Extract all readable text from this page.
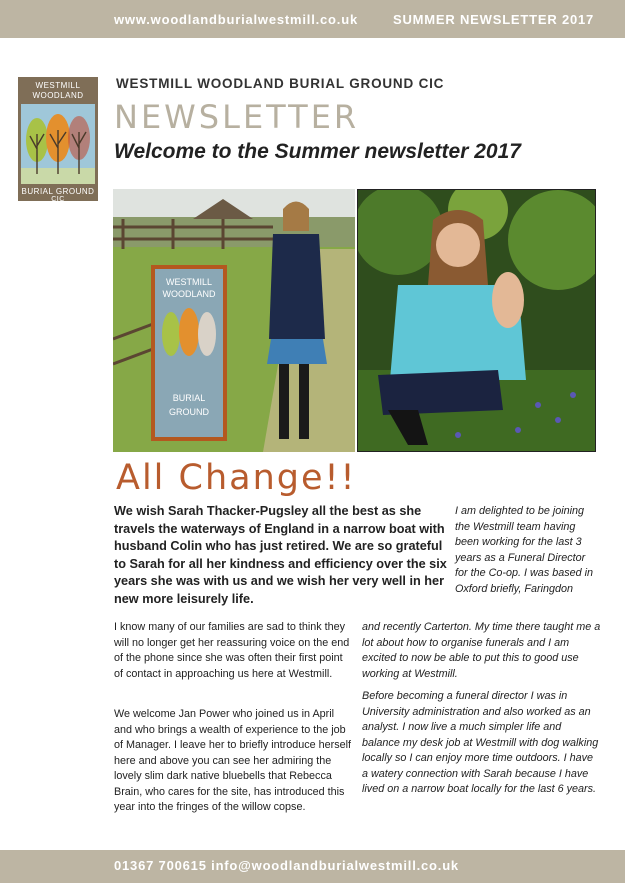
www.woodlandburialwestmill.co.uk	SUMMER NEWSLETTER 2017
WESTMILL
WOODLAND
BURIAL GROUND
CIC
WESTMILL WOODLAND BURIAL GROUND CIC
NEWSLETTER
Welcome to the Summer newsletter 2017
WESTMILL
WOODLAND
BURIAL
GROUND
All Change!!
We wish Sarah Thacker-Pugsley all the best as she travels the waterways of England in a narrow boat with husband Colin who has just retired. We are so grateful to Sarah for all her kindness and efficiency over the six years she was with us and we wish her very well in her new more leisurely life.
I know many of our families are sad to think they will no longer get her reassuring voice on the end of the phone since she was often their first point of contact in approaching us here at Westmill.
We welcome Jan Power who joined us in April and who brings a wealth of experience to the job of Manager. I leave her to briefly introduce herself here and above you can see her admiring the lovely slim dark native bluebells that Rebecca Brain, who cares for the site, has introduced this year into the fringes of the willow copse.
I am delighted to be joining the Westmill team having been working for the last 3 years as a Funeral Director for the Co-op. I was based in Oxford briefly, Faringdon
and recently Carterton. My time there taught me a lot about how to organise funerals and I am excited to now be able to put this to good use working at Westmill.
Before becoming a funeral director I was in University administration and also worked as an analyst. I now live a much simpler life and balance my desk job at Westmill with dog walking locally so I can enjoy more time outdoors. I have a watery connection with Sarah because I have lived on a narrow boat locally for the last 6 years.
01367 700615 info@woodlandburialwestmill.co.uk
